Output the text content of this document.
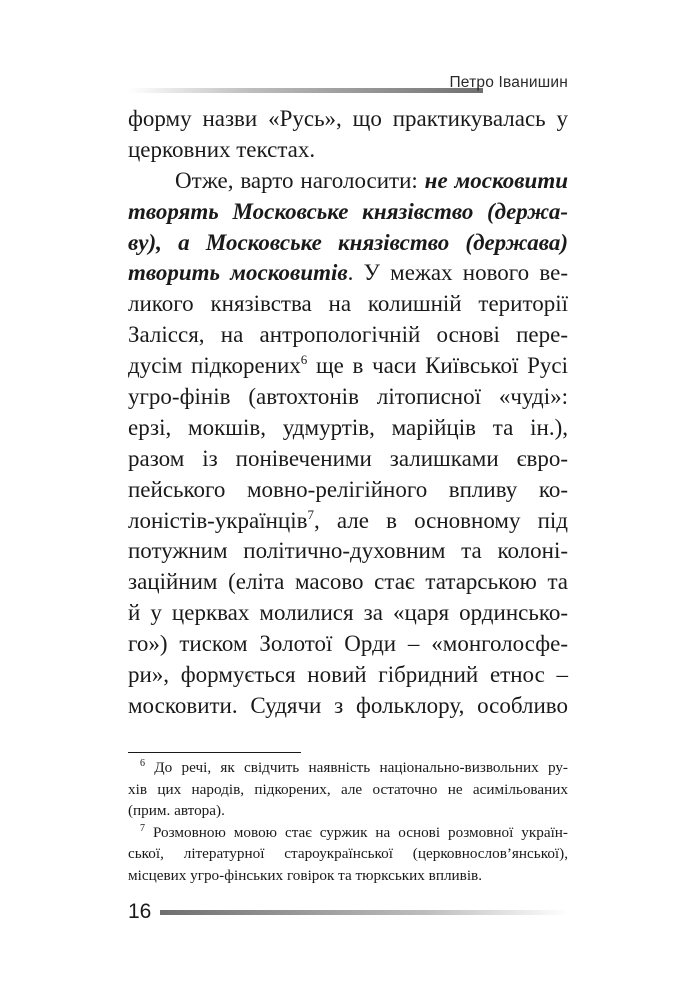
Петро Іванишин
форму назви «Русь», що практикувалась у
церковних текстах.
Отже, варто наголосити: не московити
творять Московське князівство (держа-
ву), а Московське князівство (держава)
творить московитів. У межах нового ве-
ликого князівства на колишній території
Залісся, на антропологічній основі пере-
дусім підкорених$^6$ ще в часи Київської Русі
угро-фінів (автохтонів літописної «чуді»:
ерзі, мокшів, удмуртів, марійців та ін.),
разом із понівеченими залишками євро-
пейського мовно-релігійного впливу ко-
лоністів-українців$^7$, але в основному під
потужним політично-духовним та колоні-
заційним (еліта масово стає татарською та
й у церквах молилися за «царя ординсько-
го») тиском Золотої Орди – «монголосфе-
ри», формується новий гібридний етнос –
московити. Судячи з фольклору, особливо
$^6$ До речі, як свідчить наявність національно-визвольних ру-
хів цих народів, підкорених, але остаточно не асимільованих
(прим. автора).
$^7$ Розмовною мовою стає суржик на основі розмовної україн-
ської, літературної староукраїнської (церковнослов’янської),
місцевих угро-фінських говірок та тюркських впливів.
16
